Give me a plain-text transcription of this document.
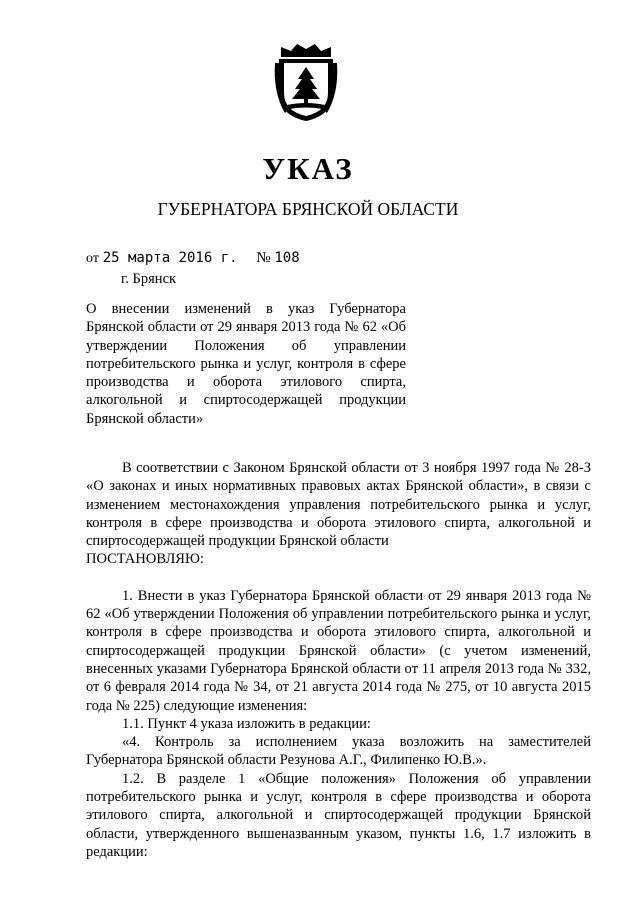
УКАЗ
ГУБЕРНАТОРА БРЯНСКОЙ ОБЛАСТИ
от 25 марта 2016 г. № 108
г. Брянск
О внесении изменений в указ Губернатора Брянской области от 29 января 2013 года № 62 «Об утверждении Положения об управлении потребительского рынка и услуг, контроля в сфере производства и оборота этилового спирта, алкогольной и спиртосодержащей продукции Брянской области»

В соответствии с Законом Брянской области от 3 ноября 1997 года № 28-З «О законах и иных нормативных правовых актах Брянской области», в связи с изменением местонахождения управления потребительского рынка и услуг, контроля в сфере производства и оборота этилового спирта, алкогольной и спиртосодержащей продукции Брянской области

ПОСТАНОВЛЯЮ:

1. Внести в указ Губернатора Брянской области от 29 января 2013 года № 62 «Об утверждении Положения об управлении потребительского рынка и услуг, контроля в сфере производства и оборота этилового спирта, алкогольной и спиртосодержащей продукции Брянской области» (с учетом изменений, внесенных указами Губернатора Брянской области от 11 апреля 2013 года № 332, от 6 февраля 2014 года № 34, от 21 августа 2014 года № 275, от 10 августа 2015 года № 225) следующие изменения:

1.1. Пункт 4 указа изложить в редакции:

«4. Контроль за исполнением указа возложить на заместителей Губернатора Брянской области Резунова А.Г., Филипенко Ю.В.».

1.2. В разделе 1 «Общие положения» Положения об управлении потребительского рынка и услуг, контроля в сфере производства и оборота этилового спирта, алкогольной и спиртосодержащей продукции Брянской области, утвержденного вышеназванным указом, пункты 1.6, 1.7 изложить в редакции:
